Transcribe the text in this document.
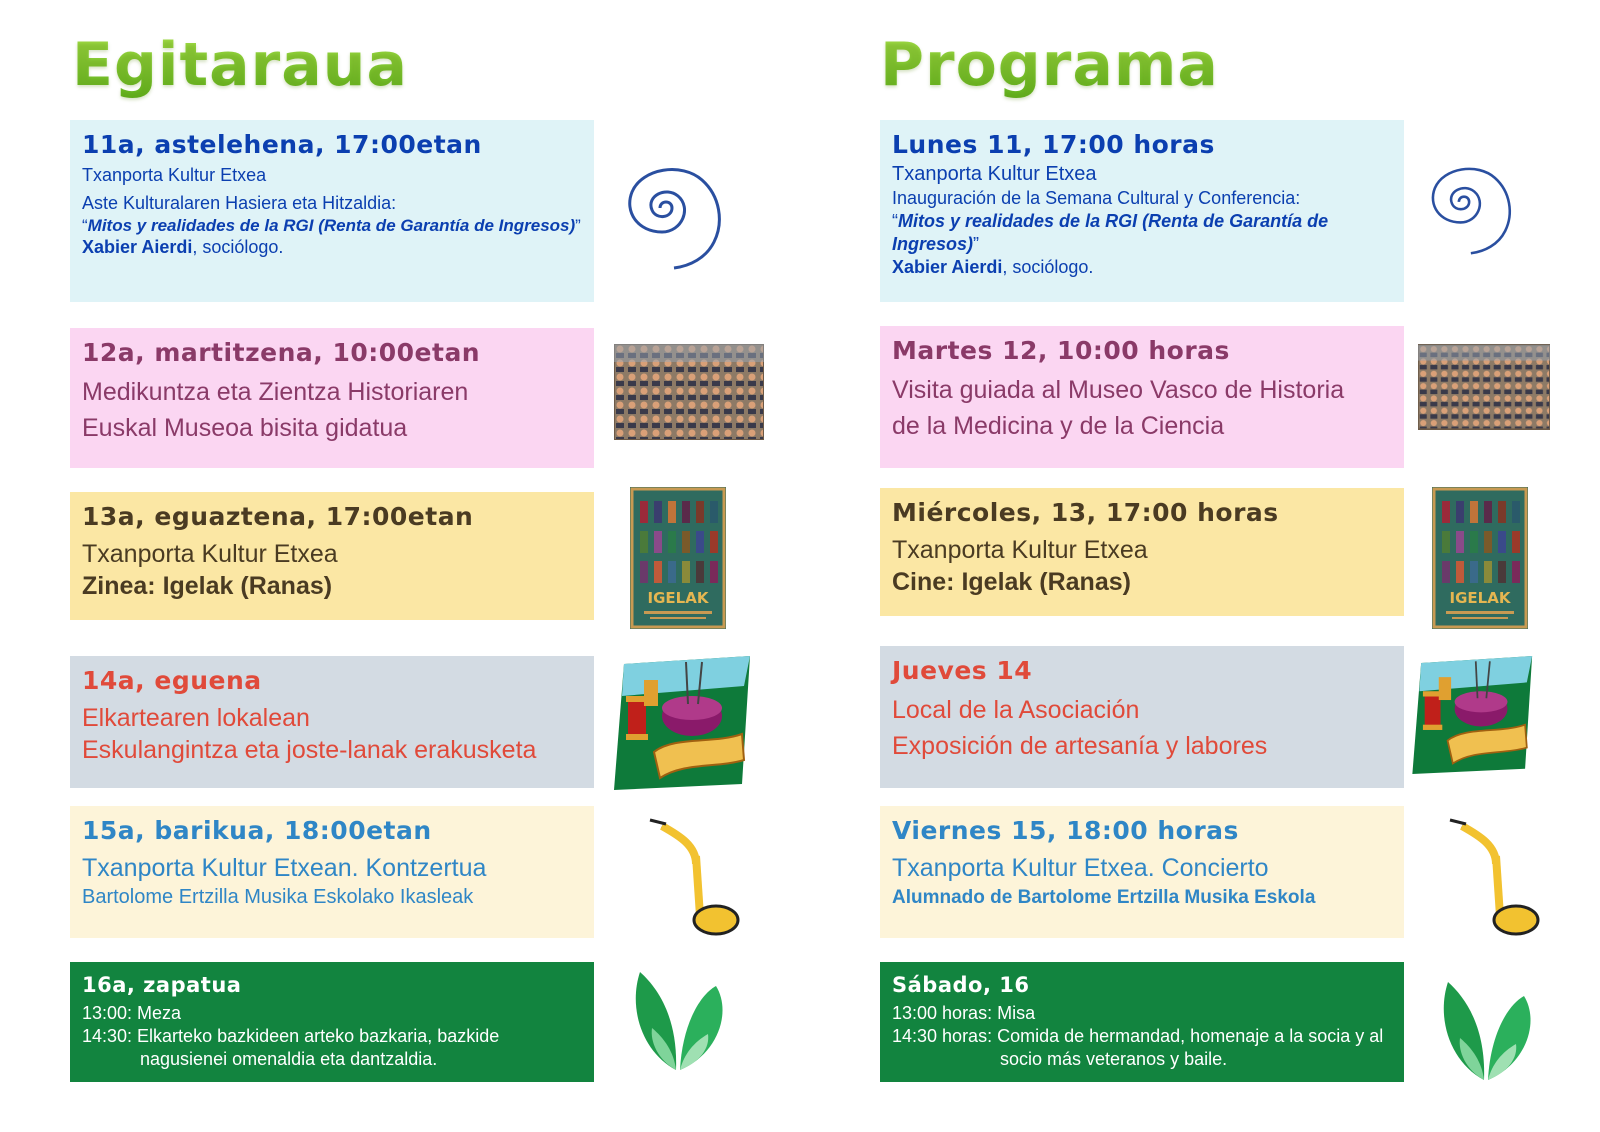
Egitaraua
11a, astelehena, 17:00etan
Txanporta Kultur Etxea
Aste Kulturalaren Hasiera eta Hitzaldia:
“Mitos y realidades de la RGI (Renta de Garantía de Ingresos)”
Xabier Aierdi, sociólogo.
12a, martitzena, 10:00etan
Medikuntza eta Zientza Historiaren
Euskal Museoa bisita gidatua
13a, eguaztena, 17:00etan
Txanporta Kultur Etxea
Zinea: Igelak (Ranas)
14a, eguena
Elkartearen lokalean
Eskulangintza eta joste-lanak erakusketa
15a, barikua, 18:00etan
Txanporta Kultur Etxean. Kontzertua
Bartolome Ertzilla Musika Eskolako Ikasleak
16a, zapatua
13:00: Meza
14:30: Elkarteko bazkideen arteko bazkaria, bazkide nagusienei omenaldia eta dantzaldia.
Programa
Lunes 11, 17:00 horas
Txanporta Kultur Etxea
Inauguración de la Semana Cultural y Conferencia:
“Mitos y realidades de la RGI (Renta de Garantía de Ingresos)”
Xabier Aierdi, sociólogo.
Martes 12, 10:00 horas
Visita guiada al Museo Vasco de Historia
de la Medicina y de la Ciencia
Miércoles, 13, 17:00 horas
Txanporta Kultur Etxea
Cine: Igelak (Ranas)
Jueves 14
Local de la Asociación
Exposición de artesanía y labores
Viernes 15, 18:00 horas
Txanporta Kultur Etxea. Concierto
Alumnado de Bartolome Ertzilla Musika Eskola
Sábado, 16
13:00 horas: Misa
14:30 horas: Comida de hermandad, homenaje a la socia y al socio más veteranos y baile.
IGELAK	IGELAK
